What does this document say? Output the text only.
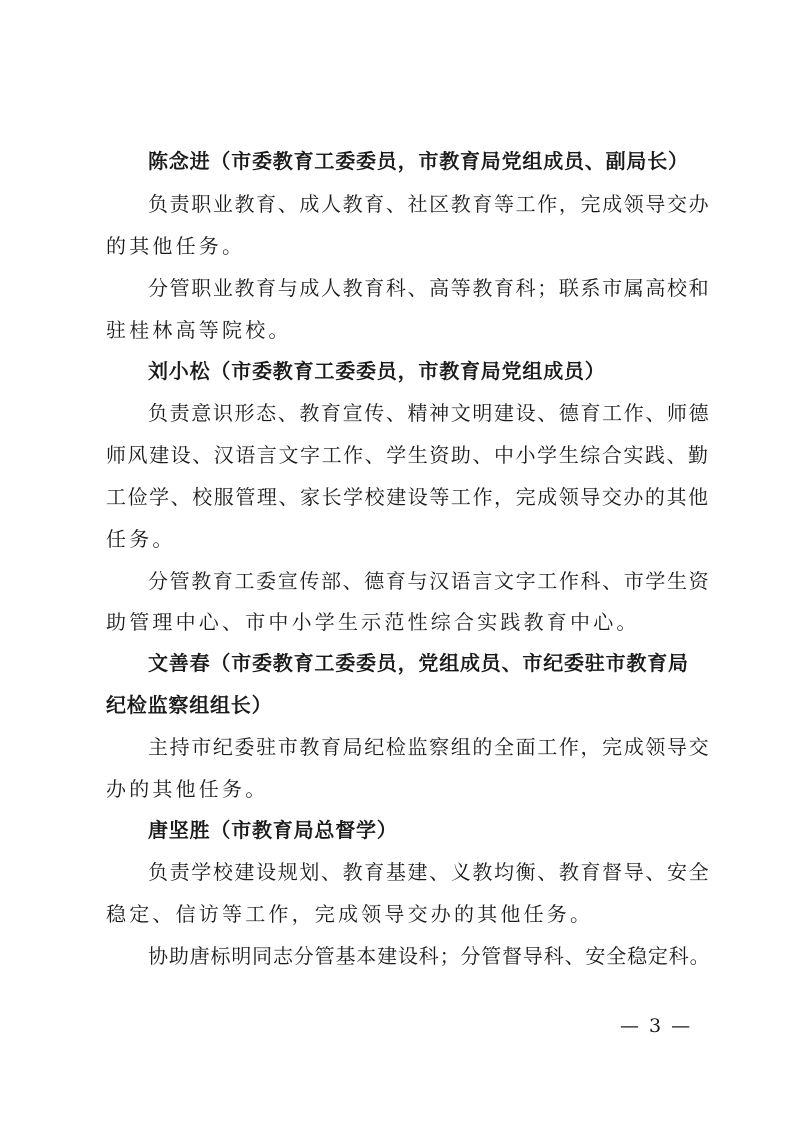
陈念进（市委教育工委委员，市教育局党组成员、副局长）
负责职业教育、成人教育、社区教育等工作，完成领导交办
的其他任务。
分管职业教育与成人教育科、高等教育科；联系市属高校和
驻桂林高等院校。
刘小松（市委教育工委委员，市教育局党组成员）
负责意识形态、教育宣传、精神文明建设、德育工作、师德
师风建设、汉语言文字工作、学生资助、中小学生综合实践、勤
工俭学、校服管理、家长学校建设等工作，完成领导交办的其他
任务。
分管教育工委宣传部、德育与汉语言文字工作科、市学生资
助管理中心、市中小学生示范性综合实践教育中心。
文善春（市委教育工委委员，党组成员、市纪委驻市教育局
纪检监察组组长）
主持市纪委驻市教育局纪检监察组的全面工作，完成领导交
办的其他任务。
唐坚胜（市教育局总督学）
负责学校建设规划、教育基建、义教均衡、教育督导、安全
稳定、信访等工作，完成领导交办的其他任务。
协助唐标明同志分管基本建设科；分管督导科、安全稳定科。
— 3 —
